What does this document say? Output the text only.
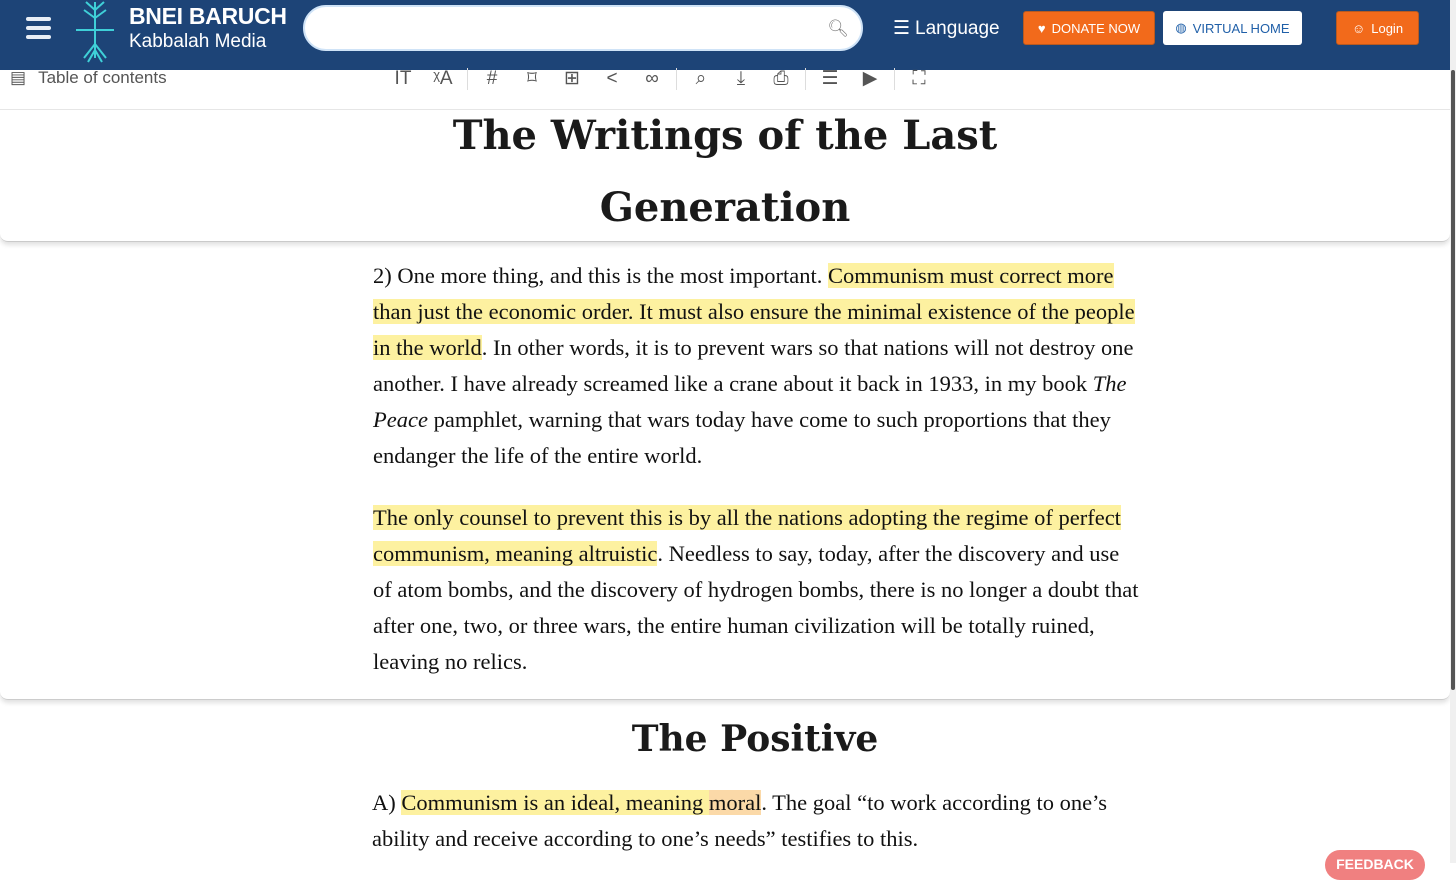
BNEI BARUCH
Kabbalah Media
🔍︎ ☰ Language	♥ DONATE NOW	◍ VIRTUAL HOME	☺ Login
The Writings of the Last
Generation
▤ Table of contents	IT	ᵡA	#	⌑	⊞	<	∞	⌕	⤓	⎙	☰	▶	⛶
2) One more thing, and this is the most important. Communism must correct more than just the economic order. It must also ensure the minimal existence of the people in the world. In other words, it is to prevent wars so that nations will not destroy one another. I have already screamed like a crane about it back in 1933, in my book The Peace pamphlet, warning that wars today have come to such proportions that they endanger the life of the entire world.
The only counsel to prevent this is by all the nations adopting the regime of perfect communism, meaning altruistic. Needless to say, today, after the discovery and use of atom bombs, and the discovery of hydrogen bombs, there is no longer a doubt that after one, two, or three wars, the entire human civilization will be totally ruined, leaving no relics.
The Positive
A) Communism is an ideal, meaning moral. The goal “to work according to one’s ability and receive according to one’s needs” testifies to this.
FEEDBACK
